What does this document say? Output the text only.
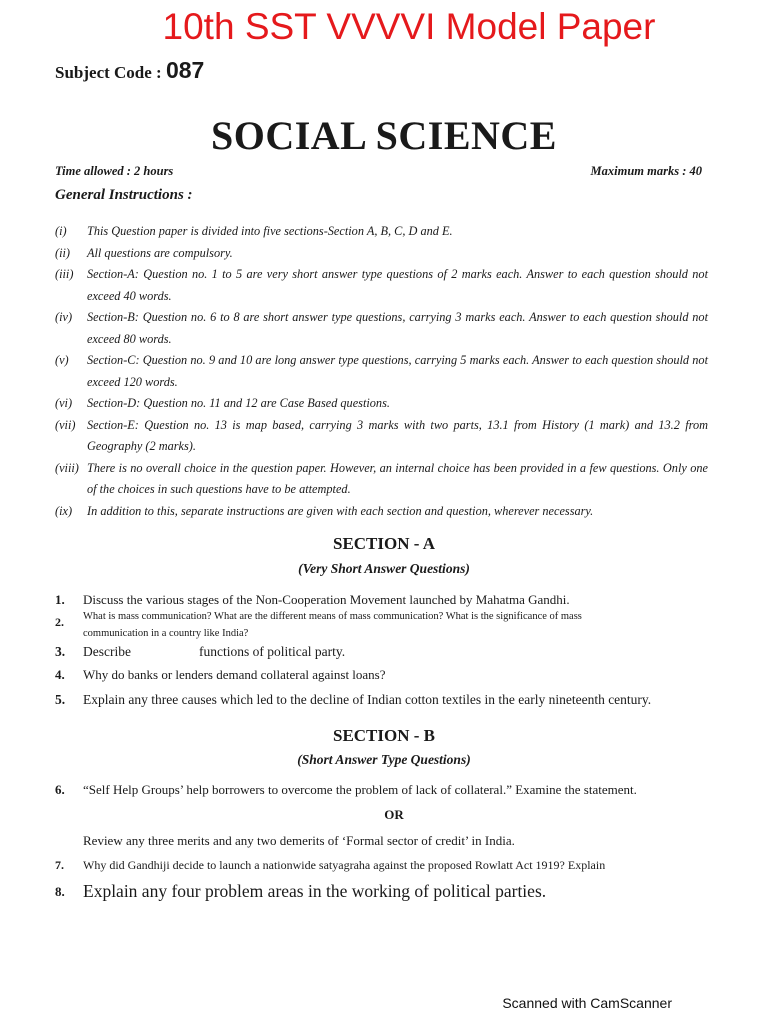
10th SST VVVVI Model Paper
Subject Code : 087
SOCIAL SCIENCE
Time allowed : 2 hours	Maximum marks : 40
General Instructions :
(i)	This Question paper is divided into five sections-Section A, B, C, D and E.
(ii)	All questions are compulsory.
(iii)	Section-A: Question no. 1 to 5 are very short answer type questions of 2 marks each. Answer to each question should not exceed 40 words.
(iv)	Section-B: Question no. 6 to 8 are short answer type questions, carrying 3 marks each. Answer to each question should not exceed 80 words.
(v)	Section-C: Question no. 9 and 10 are long answer type questions, carrying 5 marks each. Answer to each question should not exceed 120 words.
(vi)	Section-D: Question no. 11 and 12 are Case Based questions.
(vii) Section-E: Question no. 13 is map based, carrying 3 marks with two parts, 13.1 from History (1 mark) and 13.2 from Geography (2 marks).
(viii) There is no overall choice in the question paper. However, an internal choice has been provided in a few questions. Only one of the choices in such questions have to be attempted.
(ix)	In addition to this, separate instructions are given with each section and question, wherever necessary.
SECTION - A
(Very Short Answer Questions)
1.	Discuss the various stages of the Non-Cooperation Movement launched by Mahatma Gandhi.
2.	What is mass communication? What are the different means of mass communication? What is the significance of mass communication in a country like India?
3.	Describe	functions of political party.
4.	Why do banks or lenders demand collateral against loans?
5.	Explain any three causes which led to the decline of Indian cotton textiles in the early nineteenth century.
SECTION - B
(Short Answer Type Questions)
6.	“Self Help Groups’ help borrowers to overcome the problem of lack of collateral.” Examine the statement.
OR
Review any three merits and any two demerits of ‘Formal sector of credit’ in India.
7.	Why did Gandhiji decide to launch a nationwide satyagraha against the proposed Rowlatt Act 1919? Explain
8.	Explain any four problem areas in the working of political parties.
Scanned with CamScanner
